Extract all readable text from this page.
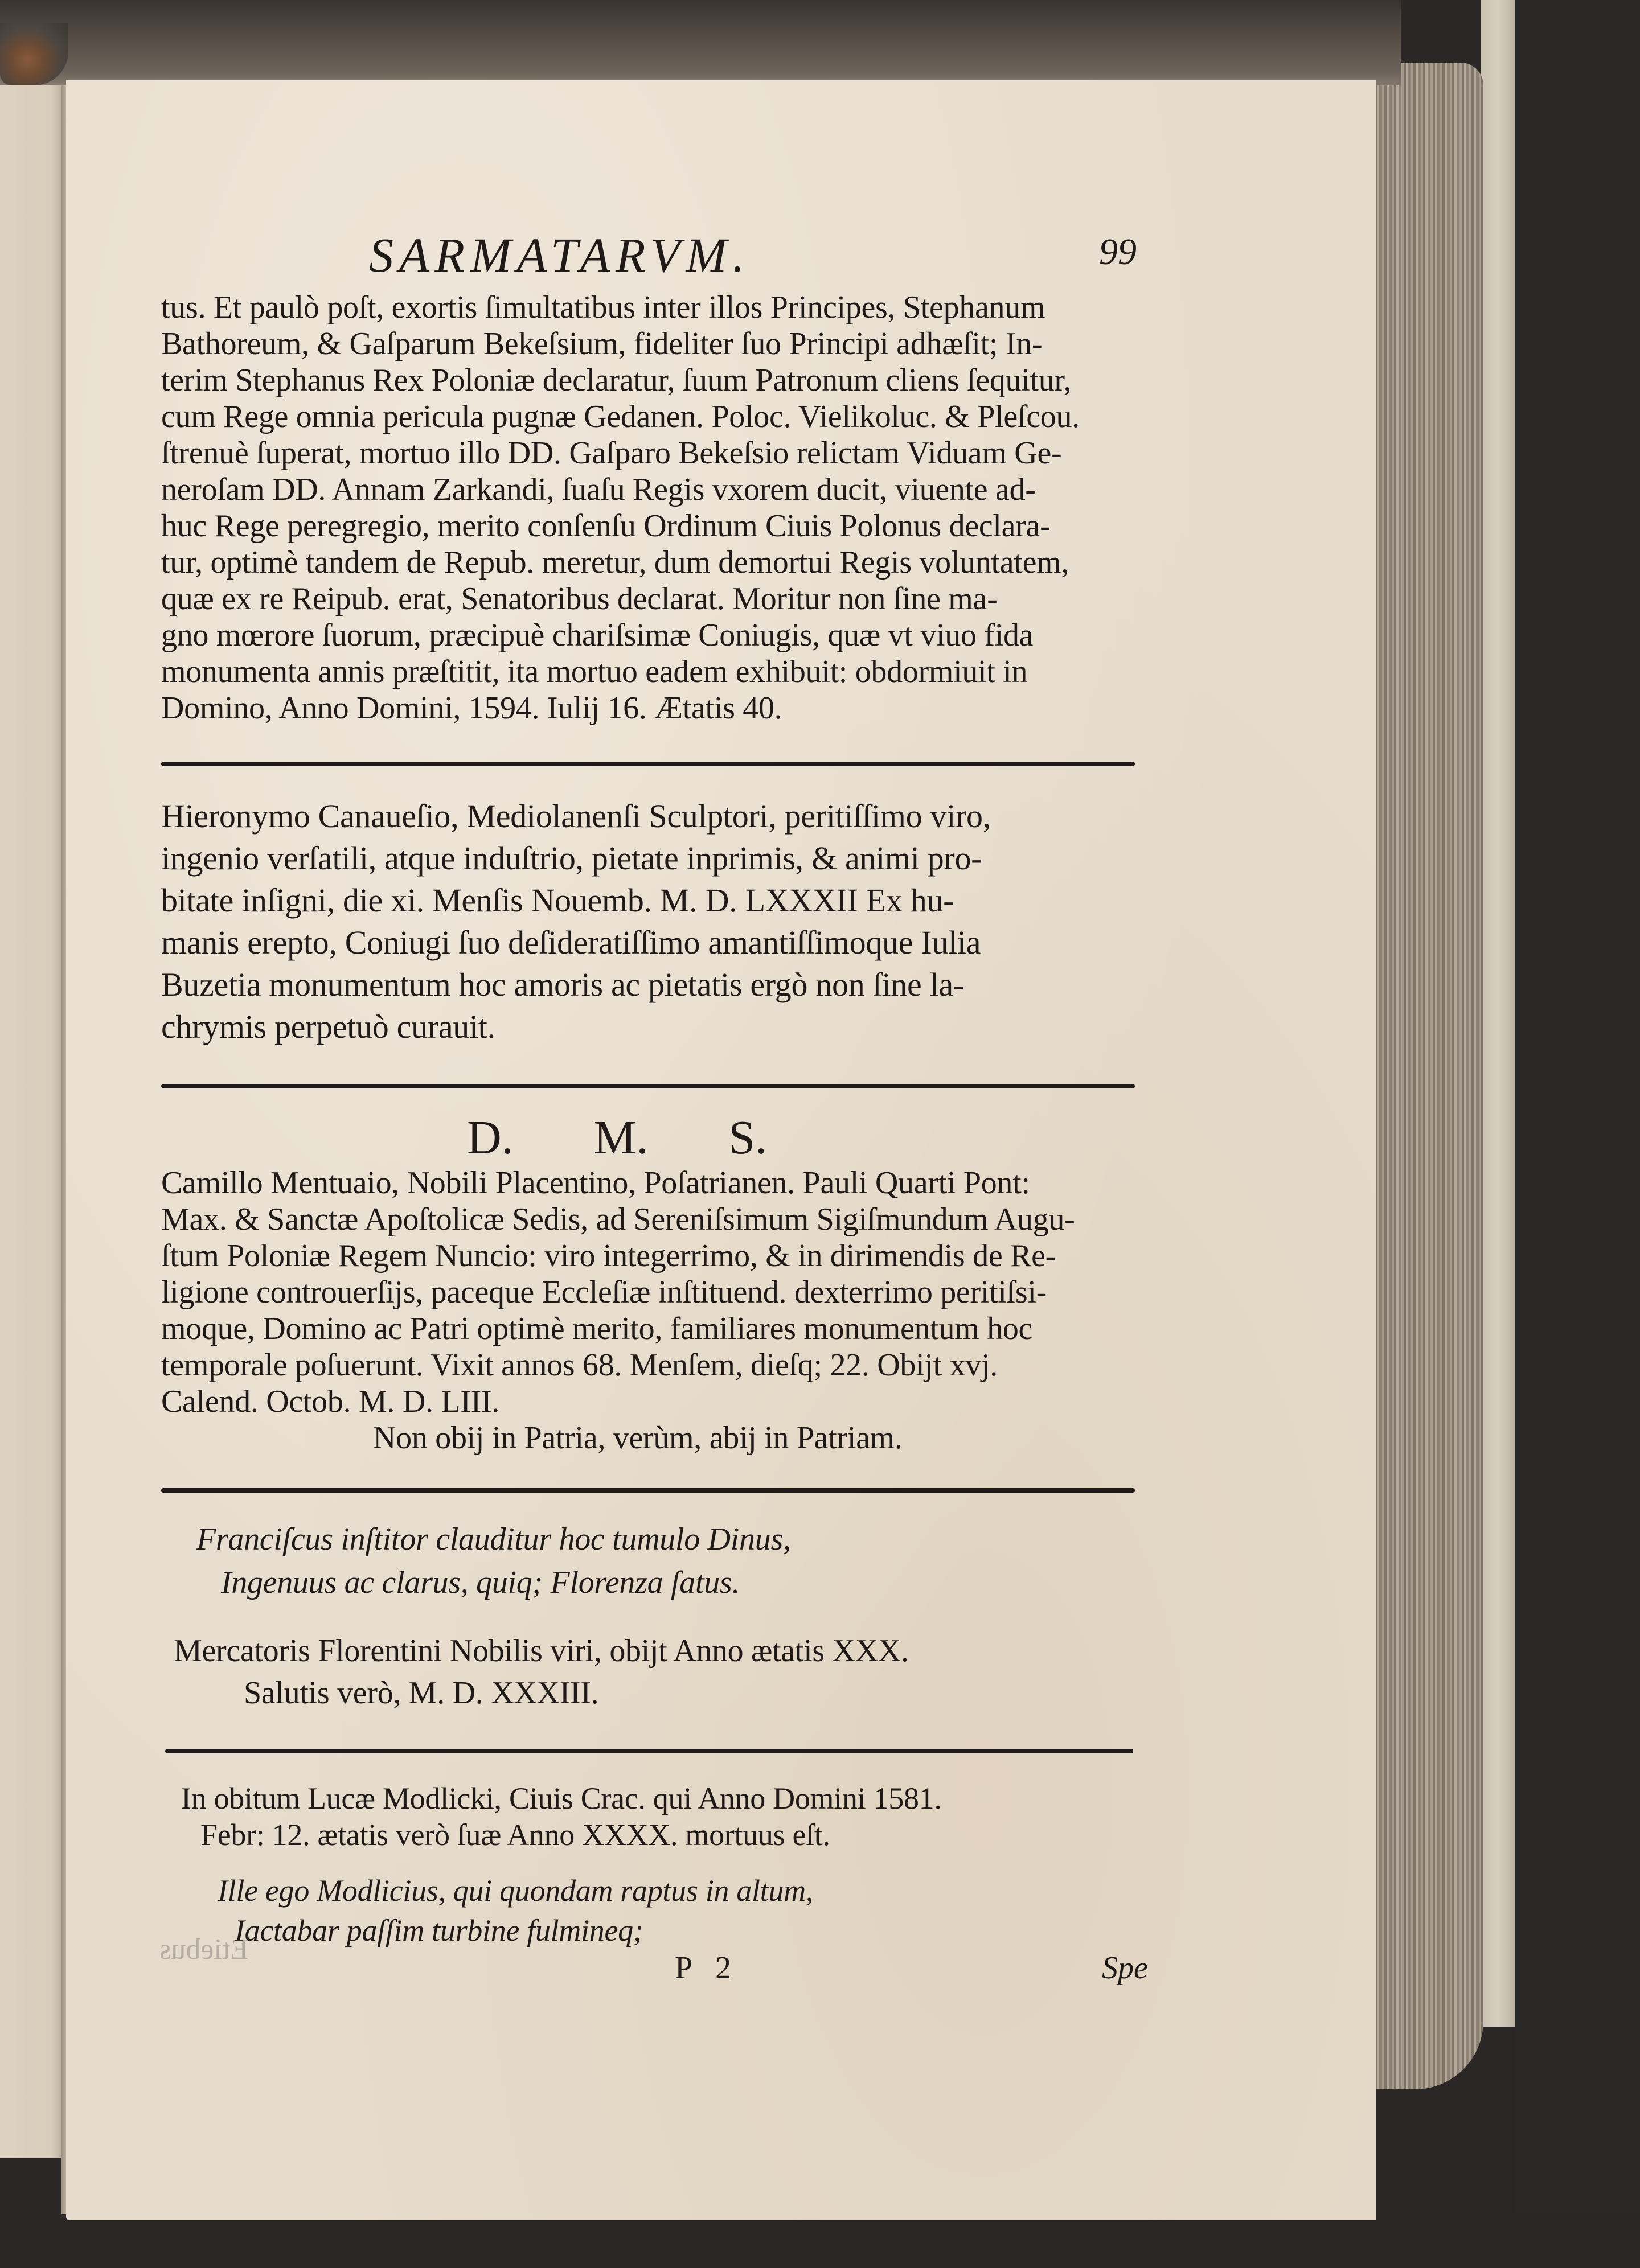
SARMATARVM.	99
tus. Et paulò poſt, exortis ſimultatibus inter illos Principes, Stephanum
Bathoreum, & Gaſparum Bekeſsium, fideliter ſuo Principi adhæſit; In-
terim Stephanus Rex Poloniæ declaratur, ſuum Patronum cliens ſequitur,
cum Rege omnia pericula pugnæ Gedanen. Poloc. Vielikoluc. & Pleſcou.
ſtrenuè ſuperat, mortuo illo DD. Gaſparo Bekeſsio relictam Viduam Ge-
neroſam DD. Annam Zarkandi, ſuaſu Regis vxorem ducit, viuente ad-
huc Rege peregregio, merito conſenſu Ordinum Ciuis Polonus declara-
tur, optimè tandem de Repub. meretur, dum demortui Regis voluntatem,
quæ ex re Reipub. erat, Senatoribus declarat. Moritur non ſine ma-
gno mœrore ſuorum, præcipuè chariſsimæ Coniugis, quæ vt viuo fida
monumenta annis præſtitit, ita mortuo eadem exhibuit: obdormiuit in
Domino, Anno Domini, 1594. Iulij 16. Ætatis 40.
Hieronymo Canaueſio, Mediolanenſi Sculptori, peritiſſimo viro,
ingenio verſatili, atque induſtrio, pietate inprimis, & animi pro-
bitate inſigni, die xi. Menſis Nouemb. M. D. LXXXII Ex hu-
manis erepto, Coniugi ſuo deſideratiſſimo amantiſſimoque Iulia
Buzetia monumentum hoc amoris ac pietatis ergò non ſine la-
chrymis perpetuò curauit.
D. M. S.
Camillo Mentuaio, Nobili Placentino, Poſatrianen. Pauli Quarti Pont:
Max. & Sanctæ Apoſtolicæ Sedis, ad Sereniſsimum Sigiſmundum Augu-
ſtum Poloniæ Regem Nuncio: viro integerrimo, & in dirimendis de Re-
ligione controuerſijs, paceque Eccleſiæ inſtituend. dexterrimo peritiſsi-
moque, Domino ac Patri optimè merito, familiares monumentum hoc
temporale poſuerunt. Vixit annos 68. Menſem, dieſq; 22. Obijt xvj.
Calend. Octob. M. D. LIII.
Non obij in Patria, verùm, abij in Patriam.
Franciſcus inſtitor clauditur hoc tumulo Dinus,
Ingenuus ac clarus, quiq; Florenza ſatus.
Mercatoris Florentini Nobilis viri, obijt Anno ætatis XXX.
Salutis verò, M. D. XXXIII.
In obitum Lucæ Modlicki, Ciuis Crac. qui Anno Domini 1581.
Febr: 12. ætatis verò ſuæ Anno XXXX. mortuus eſt.
Ille ego Modlicius, qui quondam raptus in altum,
Iactabar paſſim turbine fulmineq;
P 2	Spe
Etiebus
